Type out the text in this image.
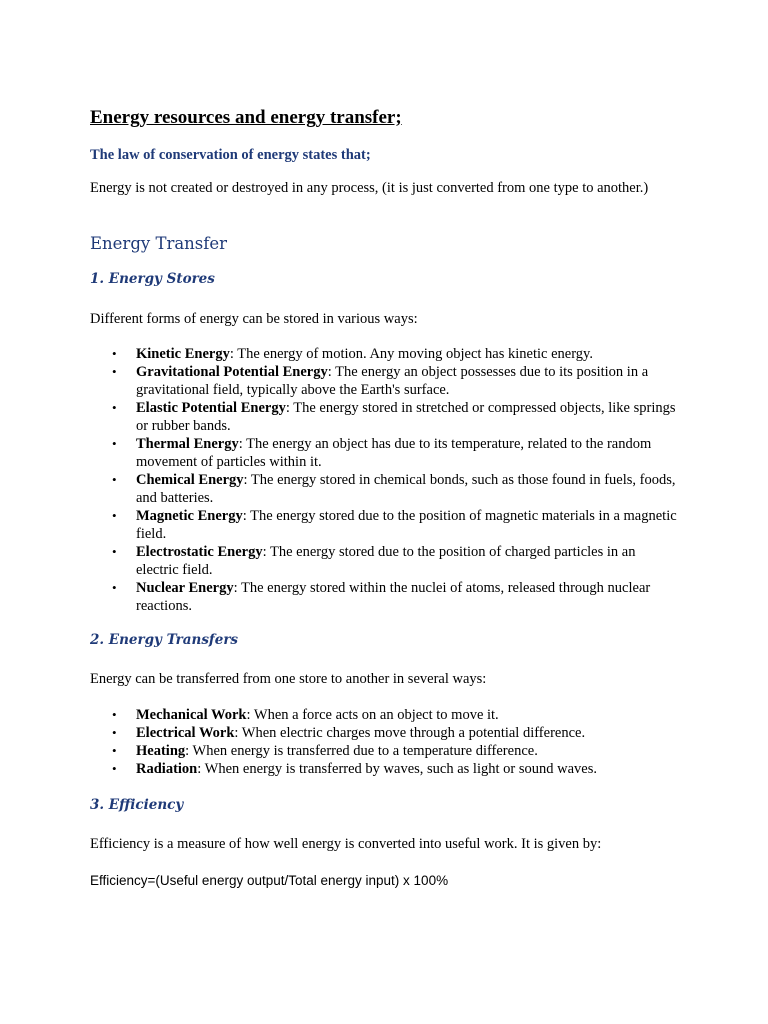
Energy resources and energy transfer;
The law of conservation of energy states that;

Energy is not created or destroyed in any process, (it is just converted from one type to another.)

Energy Transfer
1. Energy Stores

Different forms of energy can be stored in various ways:

• Kinetic Energy: The energy of motion. Any moving object has kinetic energy.
• Gravitational Potential Energy: The energy an object possesses due to its position in a gravitational field, typically above the Earth's surface.
• Elastic Potential Energy: The energy stored in stretched or compressed objects, like springs or rubber bands.
• Thermal Energy: The energy an object has due to its temperature, related to the random movement of particles within it.
• Chemical Energy: The energy stored in chemical bonds, such as those found in fuels, foods, and batteries.
• Magnetic Energy: The energy stored due to the position of magnetic materials in a magnetic field.
• Electrostatic Energy: The energy stored due to the position of charged particles in an electric field.
• Nuclear Energy: The energy stored within the nuclei of atoms, released through nuclear reactions.
2. Energy Transfers

Energy can be transferred from one store to another in several ways:

• Mechanical Work: When a force acts on an object to move it.
• Electrical Work: When electric charges move through a potential difference.
• Heating: When energy is transferred due to a temperature difference.
• Radiation: When energy is transferred by waves, such as light or sound waves.
3. Efficiency

Efficiency is a measure of how well energy is converted into useful work. It is given by:

Efficiency=(Useful energy output/Total energy input) x 100%
